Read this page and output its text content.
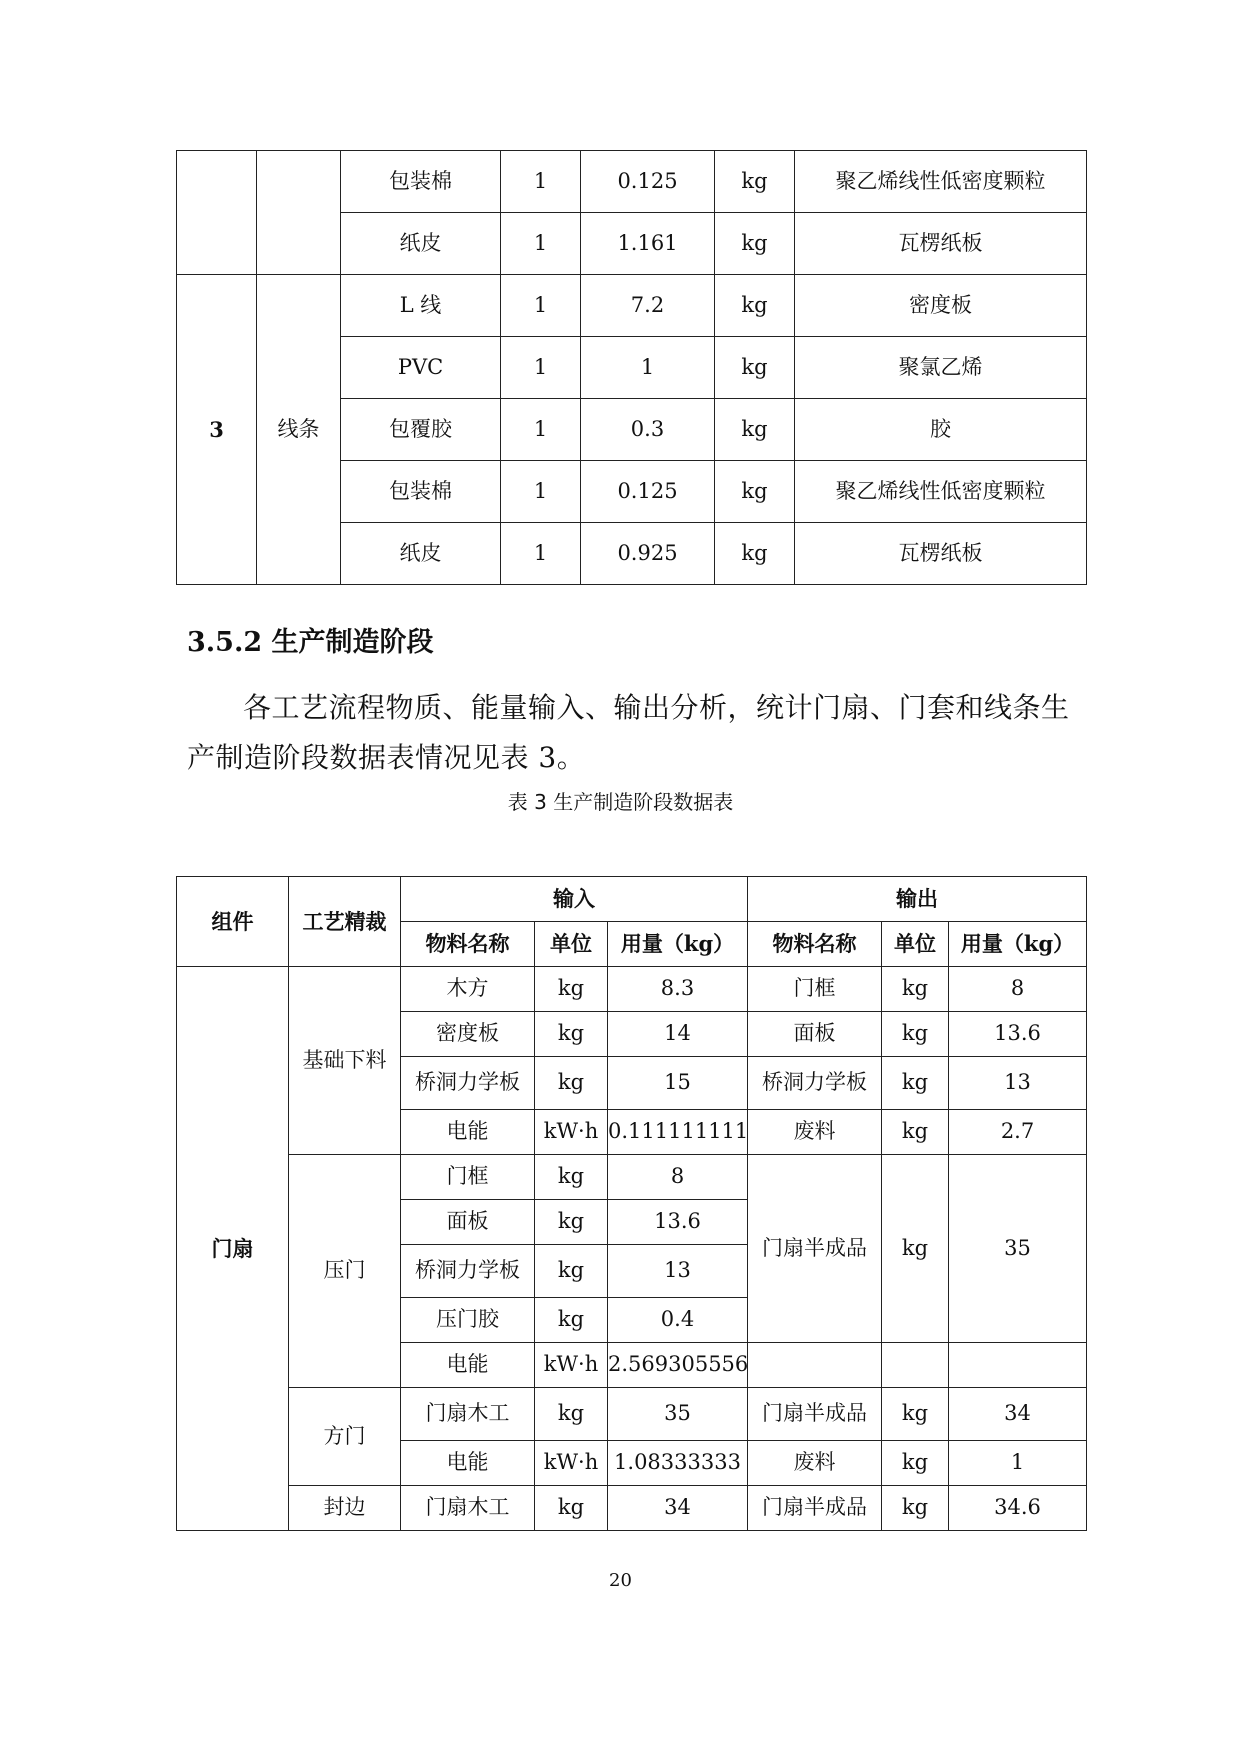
		包装棉	1	0.125	kg	聚乙烯线性低密度颗粒
		纸皮	1	1.161	kg	瓦楞纸板
3	线条	L 线	1	7.2	kg	密度板
		PVC	1	1	kg	聚氯乙烯
		包覆胶	1	0.3	kg	胶
		包装棉	1	0.125	kg	聚乙烯线性低密度颗粒
		纸皮	1	0.925	kg	瓦楞纸板
3.5.2 生产制造阶段

各工艺流程物质、能量输入、输出分析，统计门扇、门套和线条生产制造阶段数据表情况见表 3。

表 3 生产制造阶段数据表
组件	工艺精裁	输入			输出		
		物料名称	单位	用量（kg）	物料名称	单位	用量（kg）
门扇	基础下料	木方	kg	8.3	门框	kg	8
		密度板	kg	14	面板	kg	13.6
		桥洞力学板	kg	15	桥洞力学板	kg	13
		电能	kW·h	0.111111111	废料	kg	2.7
	压门	门框	kg	8	门扇半成品	kg	35
		面板	kg	13.6			
		桥洞力学板	kg	13			
		压门胶	kg	0.4			
		电能	kW·h	2.569305556			
	方门	门扇木工	kg	35	门扇半成品	kg	34
		电能	kW·h	1.08333333	废料	kg	1
	封边	门扇木工	kg	34	门扇半成品	kg	34.6
20
